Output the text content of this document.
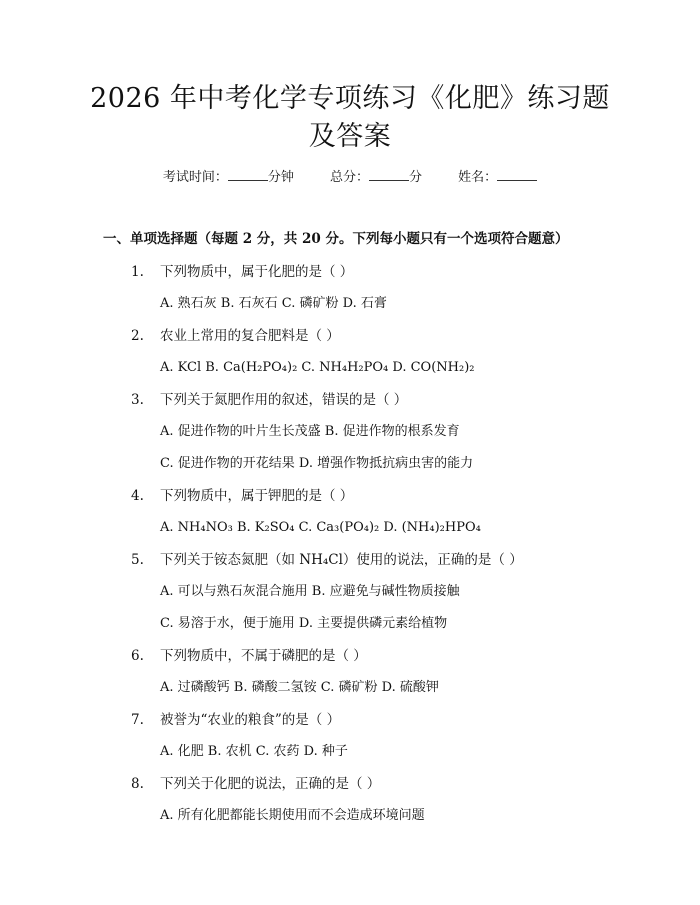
2026 年中考化学专项练习《化肥》练习题及答案
考试时间：	分钟	总分：	分	姓名：
一、单项选择题（每题 2 分，共 20 分。下列每小题只有一个选项符合题意）
1. 下列物质中，属于化肥的是（ ）
A. 熟石灰 B. 石灰石 C. 磷矿粉 D. 石膏
2. 农业上常用的复合肥料是（ ）
A. KCl B. Ca(H₂PO₄)₂ C. NH₄H₂PO₄ D. CO(NH₂)₂
3. 下列关于氮肥作用的叙述，错误的是（ ）
A. 促进作物的叶片生长茂盛 B. 促进作物的根系发育
C. 促进作物的开花结果 D. 增强作物抵抗病虫害的能力
4. 下列物质中，属于钾肥的是（ ）
A. NH₄NO₃ B. K₂SO₄ C. Ca₃(PO₄)₂ D. (NH₄)₂HPO₄
5. 下列关于铵态氮肥（如 NH₄Cl）使用的说法，正确的是（ ）
A. 可以与熟石灰混合施用 B. 应避免与碱性物质接触
C. 易溶于水，便于施用 D. 主要提供磷元素给植物
6. 下列物质中，不属于磷肥的是（ ）
A. 过磷酸钙 B. 磷酸二氢铵 C. 磷矿粉 D. 硫酸钾
7. 被誉为“农业的粮食”的是（ ）
A. 化肥 B. 农机 C. 农药 D. 种子
8. 下列关于化肥的说法，正确的是（ ）
A. 所有化肥都能长期使用而不会造成环境问题
